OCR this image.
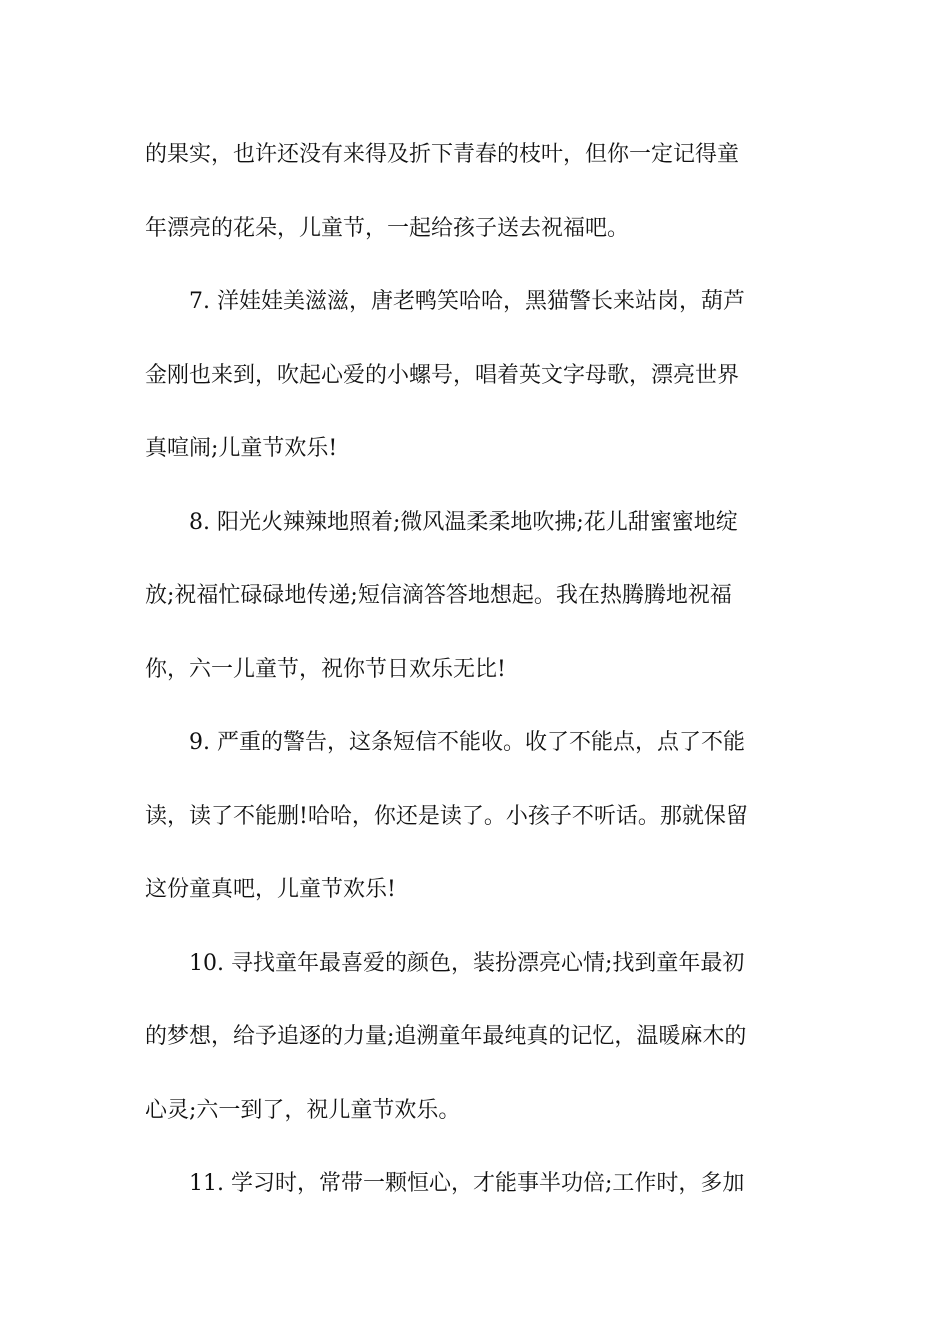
的果实，也许还没有来得及折下青春的枝叶，但你一定记得童
年漂亮的花朵，儿童节，一起给孩子送去祝福吧。
7. 洋娃娃美滋滋，唐老鸭笑哈哈，黑猫警长来站岗，葫芦
金刚也来到，吹起心爱的小螺号，唱着英文字母歌，漂亮世界
真喧闹;儿童节欢乐!
8. 阳光火辣辣地照着;微风温柔柔地吹拂;花儿甜蜜蜜地绽
放;祝福忙碌碌地传递;短信滴答答地想起。我在热腾腾地祝福
你，六一儿童节，祝你节日欢乐无比!
9. 严重的警告，这条短信不能收。收了不能点，点了不能
读，读了不能删!哈哈，你还是读了。小孩子不听话。那就保留
这份童真吧，儿童节欢乐!
10. 寻找童年最喜爱的颜色，装扮漂亮心情;找到童年最初
的梦想，给予追逐的力量;追溯童年最纯真的记忆，温暖麻木的
心灵;六一到了，祝儿童节欢乐。
11. 学习时，常带一颗恒心，才能事半功倍;工作时，多加
